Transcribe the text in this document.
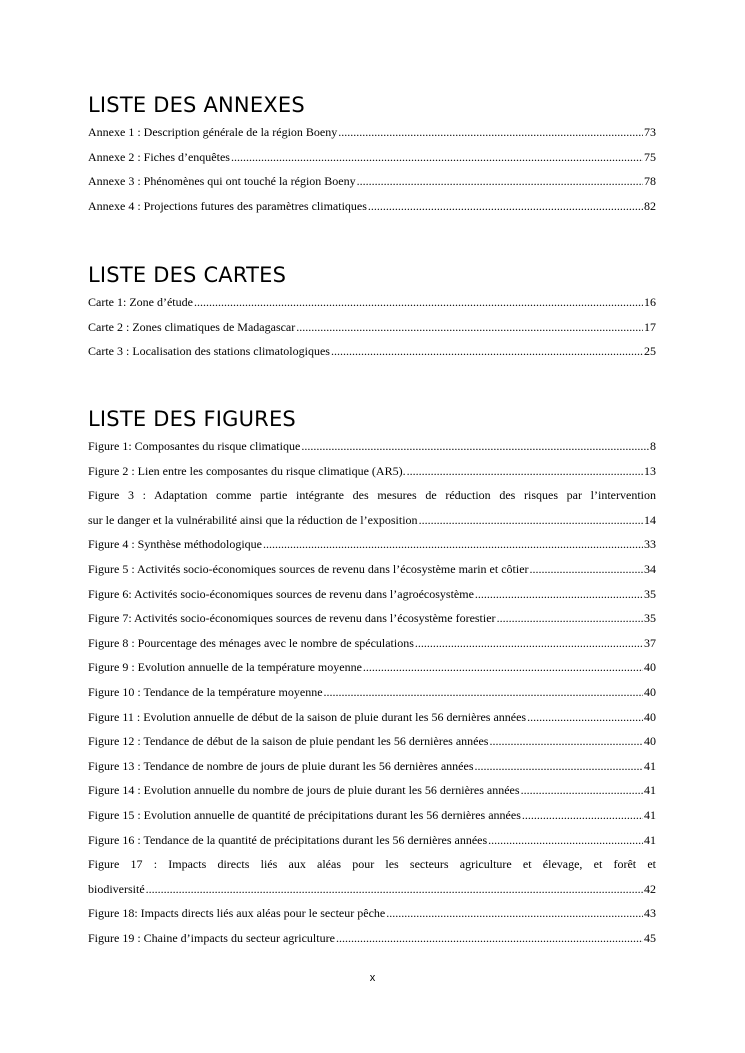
LISTE DES ANNEXES
Annexe 1 : Description générale de la région Boeny .....	73
Annexe 2 : Fiches d’enquêtes .....	75
Annexe 3 : Phénomènes qui ont touché la région Boeny .....	78
Annexe 4 : Projections futures des paramètres climatiques .....	82
LISTE DES CARTES
Carte 1: Zone d’étude .....	16
Carte 2 : Zones climatiques de Madagascar .....	17
Carte 3 : Localisation des stations climatologiques .....	25
LISTE DES FIGURES
Figure 1: Composantes du risque climatique .....	8
Figure 2 : Lien entre les composantes du risque climatique (AR5). .....	13
Figure 3 : Adaptation comme partie intégrante des mesures de réduction des risques par l’intervention
sur le danger et la vulnérabilité ainsi que la réduction de l’exposition .....	14
Figure 4 : Synthèse méthodologique .....	33
Figure 5 : Activités socio-économiques sources de revenu dans l’écosystème marin et côtier .....	34
Figure 6: Activités socio-économiques sources de revenu dans l’agroécosystème .....	35
Figure 7: Activités socio-économiques sources de revenu dans l’écosystème forestier .....	35
Figure 8 : Pourcentage des ménages avec le nombre de spéculations .....	37
Figure 9 : Evolution annuelle de la température moyenne .....	40
Figure 10 : Tendance de la température moyenne .....	40
Figure 11 : Evolution annuelle de début de la saison de pluie durant les 56 dernières années .....	40
Figure 12 : Tendance de début de la saison de pluie pendant les 56 dernières années .....	40
Figure 13 : Tendance de nombre de jours de pluie durant les 56 dernières années .....	41
Figure 14 : Evolution annuelle du nombre de jours de pluie durant les 56 dernières années .....	41
Figure 15 : Evolution annuelle de quantité de précipitations durant les 56 dernières années .....	41
Figure 16 : Tendance de la quantité de précipitations durant les 56 dernières années .....	41
Figure 17 : Impacts directs liés aux aléas pour les secteurs agriculture et élevage, et forêt et
biodiversité .....	42
Figure 18: Impacts directs liés aux aléas pour le secteur pêche .....	43
Figure 19 : Chaine d’impacts du secteur agriculture .....	45
x
